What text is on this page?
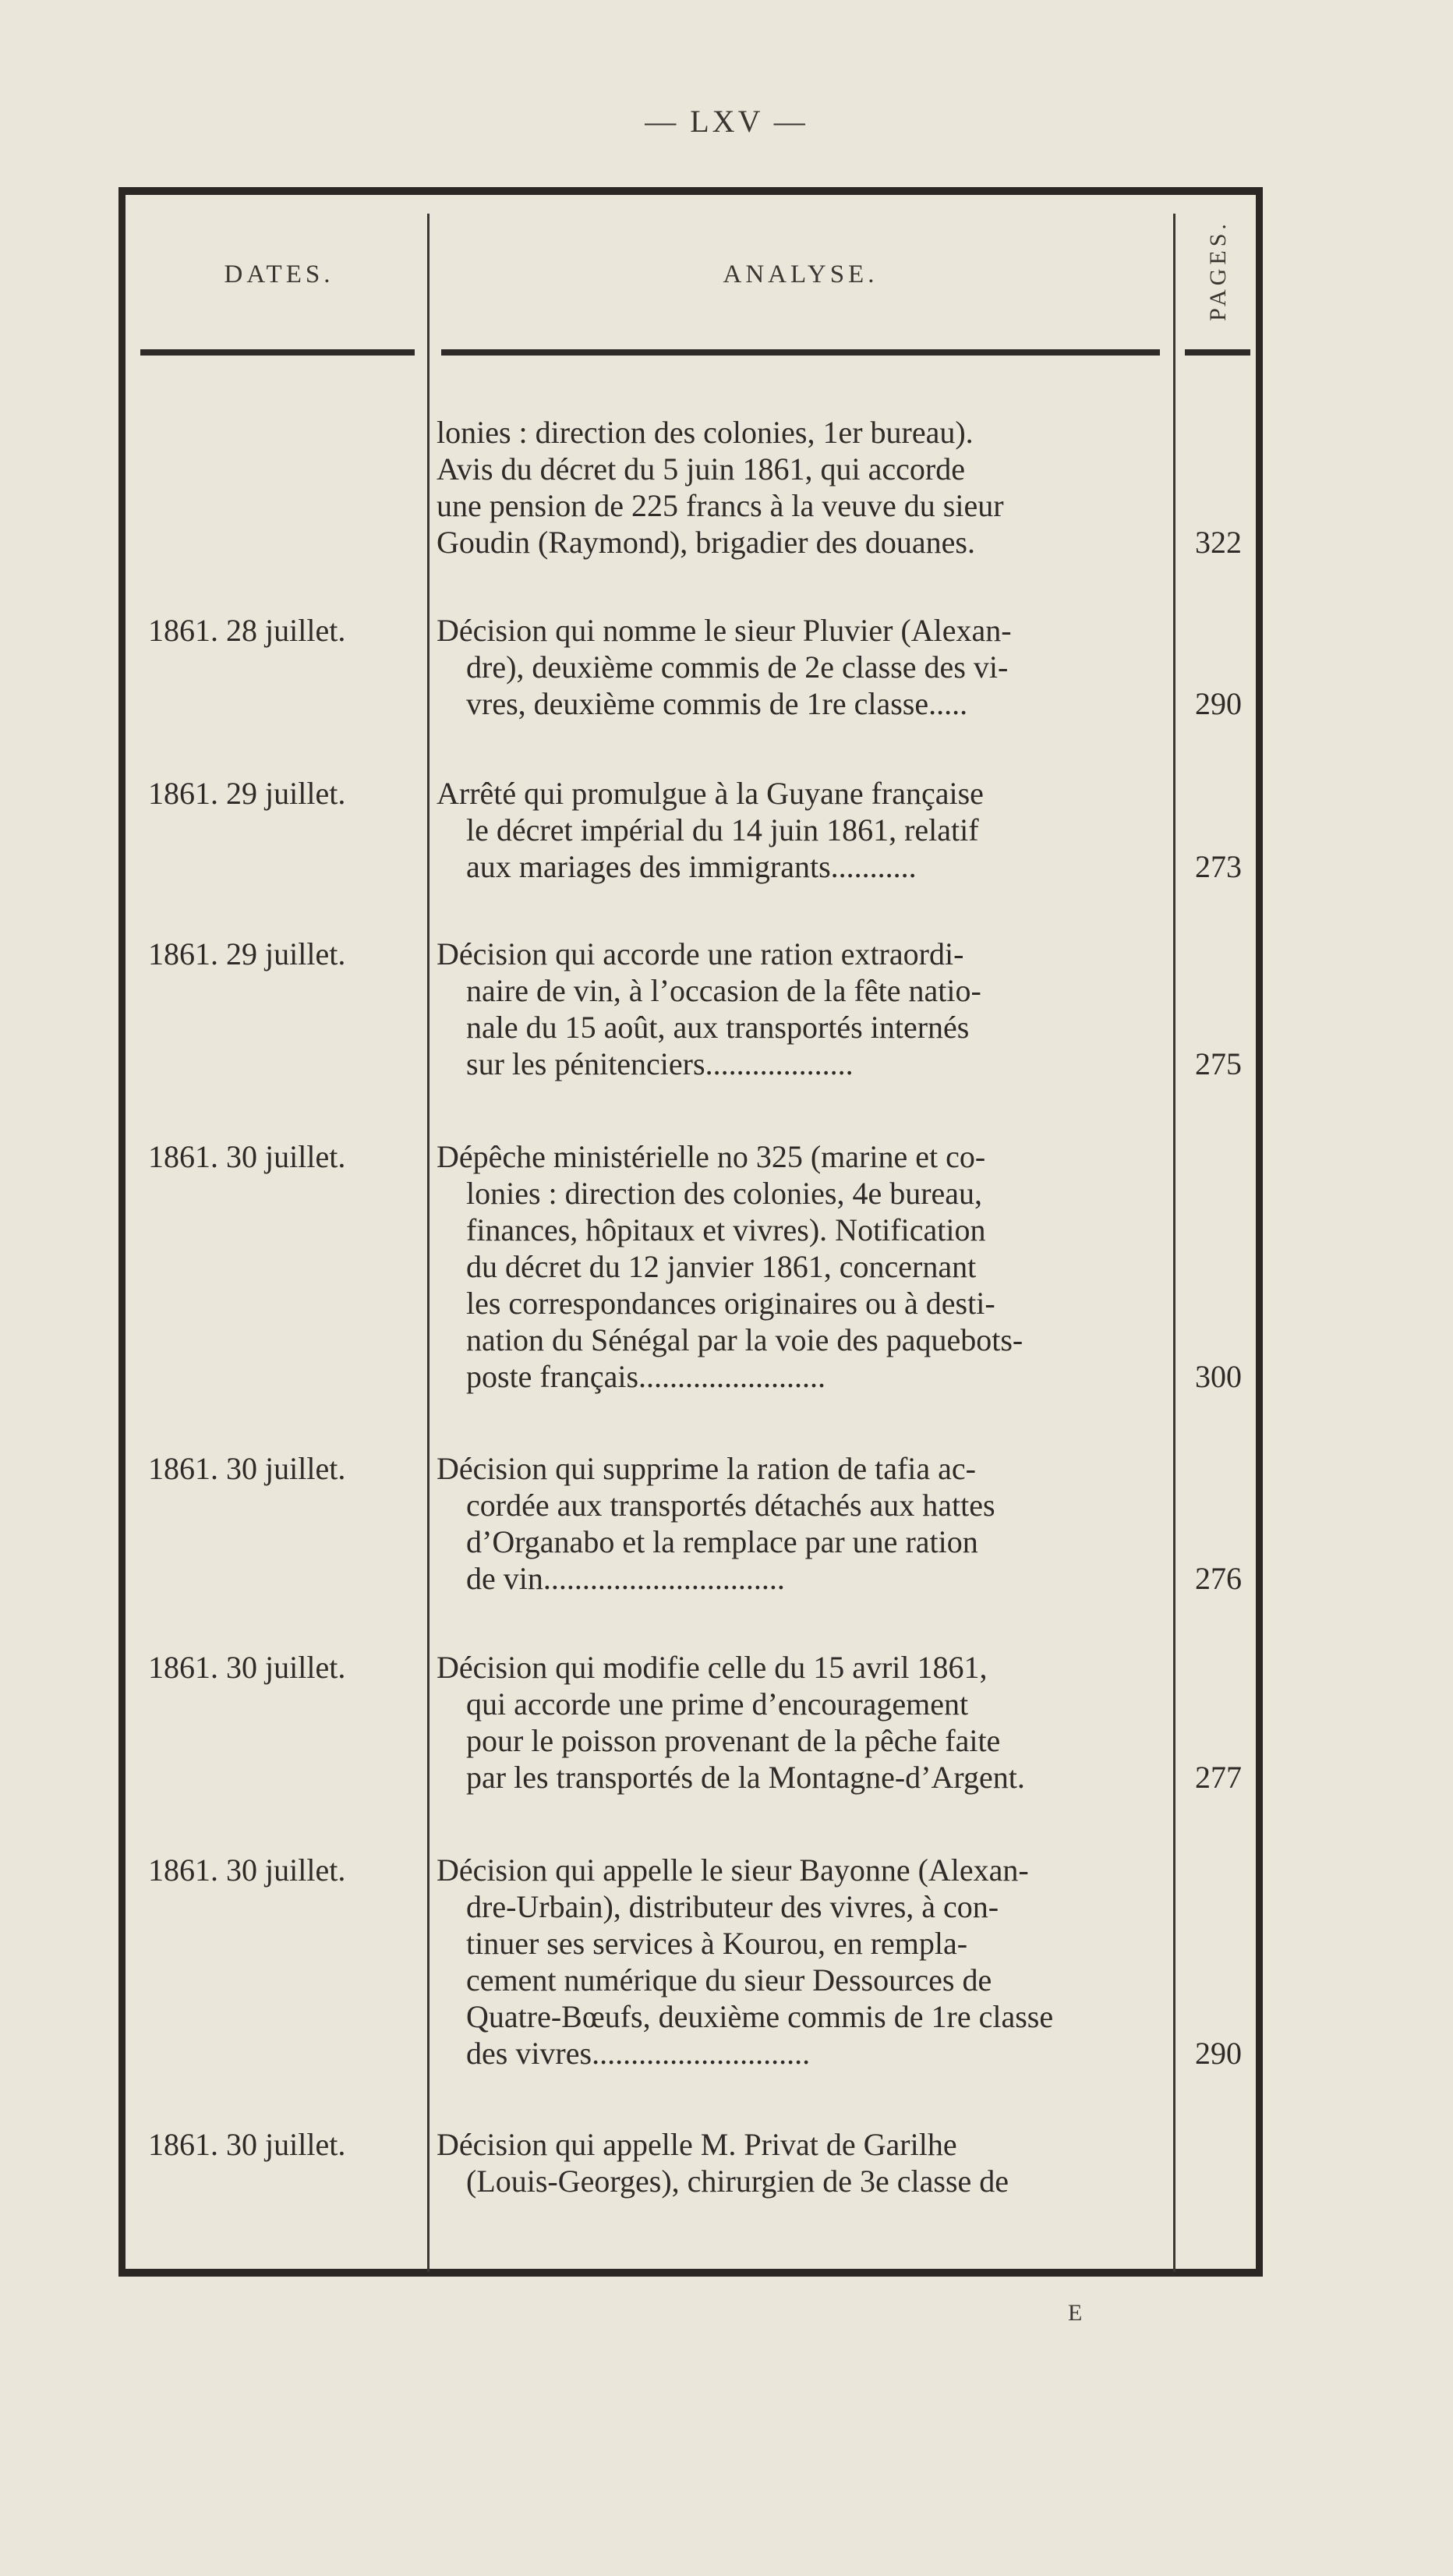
— LXV —
DATES.	ANALYSE.	PAGES.
lonies : direction des colonies, 1er bureau).
Avis du décret du 5 juin 1861, qui accorde
une pension de 225 francs à la veuve du sieur
Goudin (Raymond), brigadier des douanes.	322
1861. 28 juillet.	Décision qui nomme le sieur Pluvier (Alexan-
dre), deuxième commis de 2e classe des vi-
vres, deuxième commis de 1re classe.....	290
1861. 29 juillet.	Arrêté qui promulgue à la Guyane française
le décret impérial du 14 juin 1861, relatif
aux mariages des immigrants...........	273
1861. 29 juillet.	Décision qui accorde une ration extraordi-
naire de vin, à l’occasion de la fête natio-
nale du 15 août, aux transportés internés
sur les pénitenciers...................	275
1861. 30 juillet.	Dépêche ministérielle no 325 (marine et co-
lonies : direction des colonies, 4e bureau,
finances, hôpitaux et vivres). Notification
du décret du 12 janvier 1861, concernant
les correspondances originaires ou à desti-
nation du Sénégal par la voie des paquebots-
poste français........................	300
1861. 30 juillet.	Décision qui supprime la ration de tafia ac-
cordée aux transportés détachés aux hattes
d’Organabo et la remplace par une ration
de vin...............................	276
1861. 30 juillet.	Décision qui modifie celle du 15 avril 1861,
qui accorde une prime d’encouragement
pour le poisson provenant de la pêche faite
par les transportés de la Montagne-d’Argent.	277
1861. 30 juillet.	Décision qui appelle le sieur Bayonne (Alexan-
dre-Urbain), distributeur des vivres, à con-
tinuer ses services à Kourou, en rempla-
cement numérique du sieur Dessources de
Quatre-Bœufs, deuxième commis de 1re classe
des vivres............................	290
1861. 30 juillet.	Décision qui appelle M. Privat de Garilhe
(Louis-Georges), chirurgien de 3e classe de
E
